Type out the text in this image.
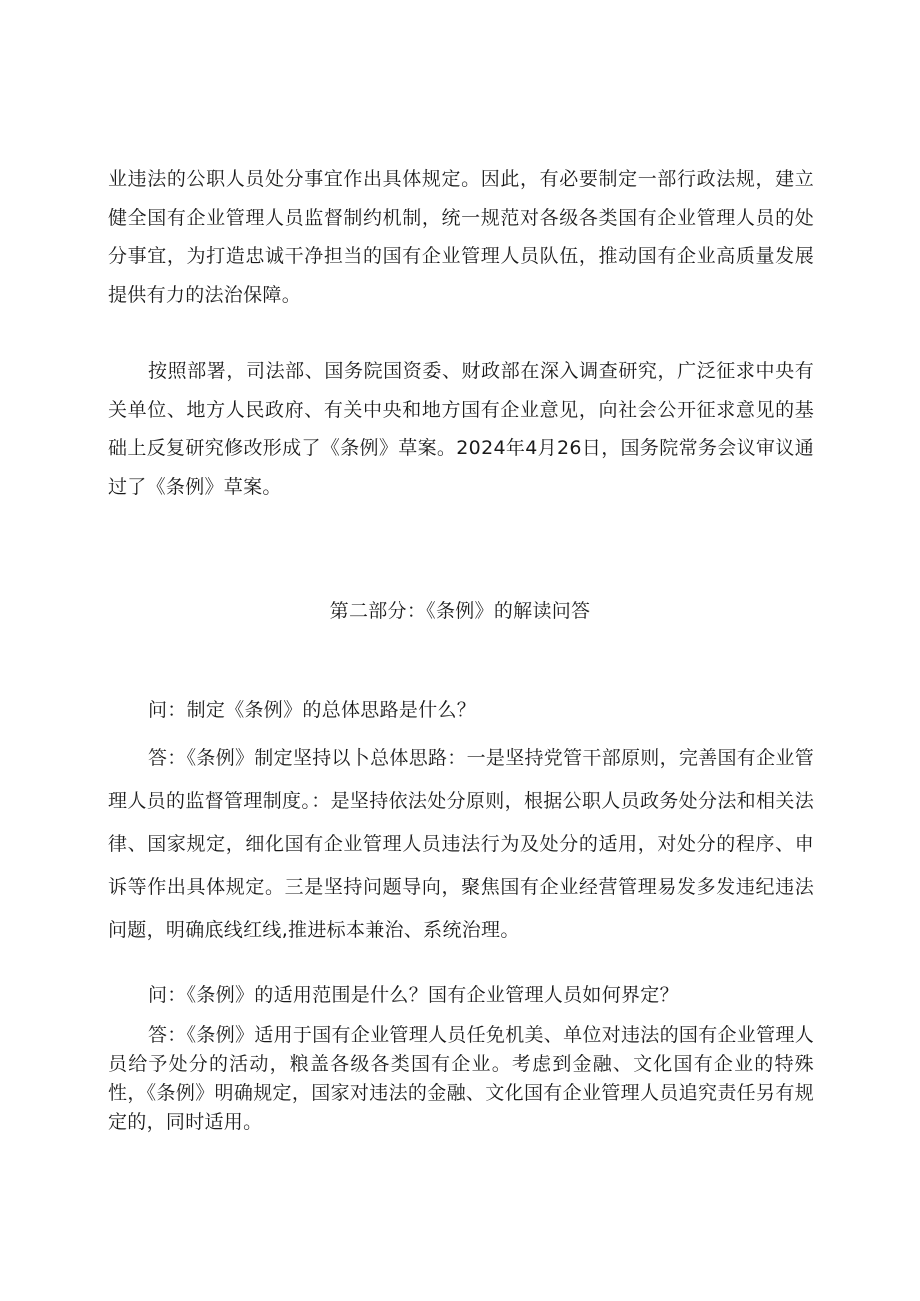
业违法的公职人员处分事宜作出具体规定。因此，有必要制定一部行政法规，建立健全国有企业管理人员监督制约机制，统一规范对各级各类国有企业管理人员的处分事宜，为打造忠诚干净担当的国有企业管理人员队伍，推动国有企业高质量发展提供有力的法治保障。

按照部署，司法部、国务院国资委、财政部在深入调查研究，广泛征求中央有关单位、地方人民政府、有关中央和地方国有企业意见，向社会公开征求意见的基础上反复研究修改形成了《条例》草案。2024年4月26日，国务院常务会议审议通过了《条例》草案。

第二部分：《条例》的解读问答

问：制定《条例》的总体思路是什么？

答：《条例》制定坚持以卜总体思路：一是坚持党管干部原则，完善国有企业管理人员的监督管理制度。：是坚持依法处分原则，根据公职人员政务处分法和相关法律、国家规定，细化国有企业管理人员违法行为及处分的适用，对处分的程序、申诉等作出具体规定。三是坚持问题导向，聚焦国有企业经营管理易发多发违纪违法问题，明确底线红线,推进标本兼治、系统治理。

问：《条例》的适用范围是什么？国有企业管理人员如何界定？

答：《条例》适用于国有企业管理人员任免机美、单位对违法的国有企业管理人员给予处分的活动，粮盖各级各类国有企业。考虑到金融、文化国有企业的特殊性，《条例》明确规定，国家对违法的金融、文化国有企业管理人员追究责任另有规定的，同时适用。
